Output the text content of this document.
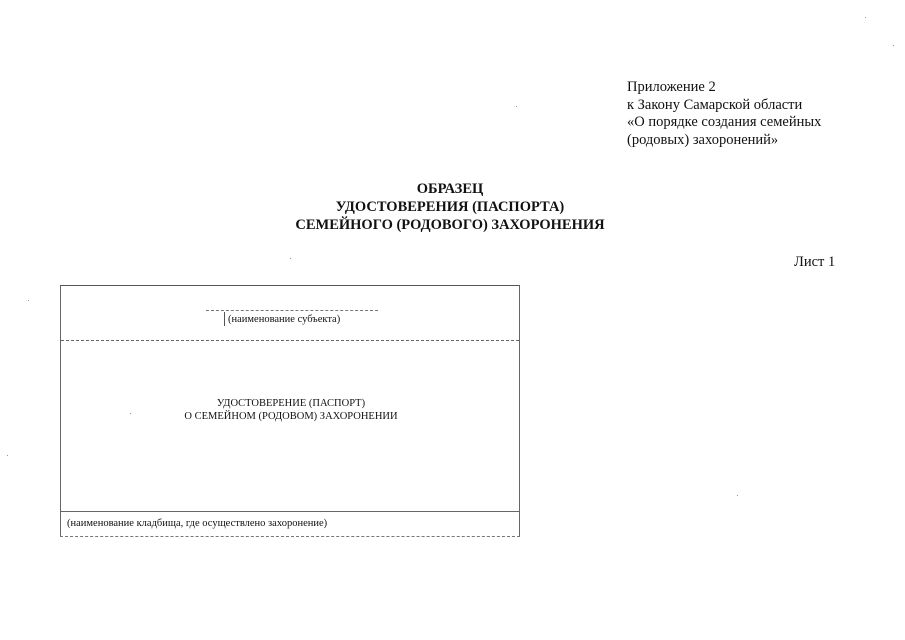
Приложение 2
к Закону Самарской области
«О порядке создания семейных
(родовых) захоронений»
ОБРАЗЕЦ
УДОСТОВЕРЕНИЯ (ПАСПОРТА)
СЕМЕЙНОГО (РОДОВОГО) ЗАХОРОНЕНИЯ
Лист 1
(наименование субъекта)
УДОСТОВЕРЕНИЕ (ПАСПОРТ)
О СЕМЕЙНОМ (РОДОВОМ) ЗАХОРОНЕНИИ
(наименование кладбища, где осуществлено захоронение)
